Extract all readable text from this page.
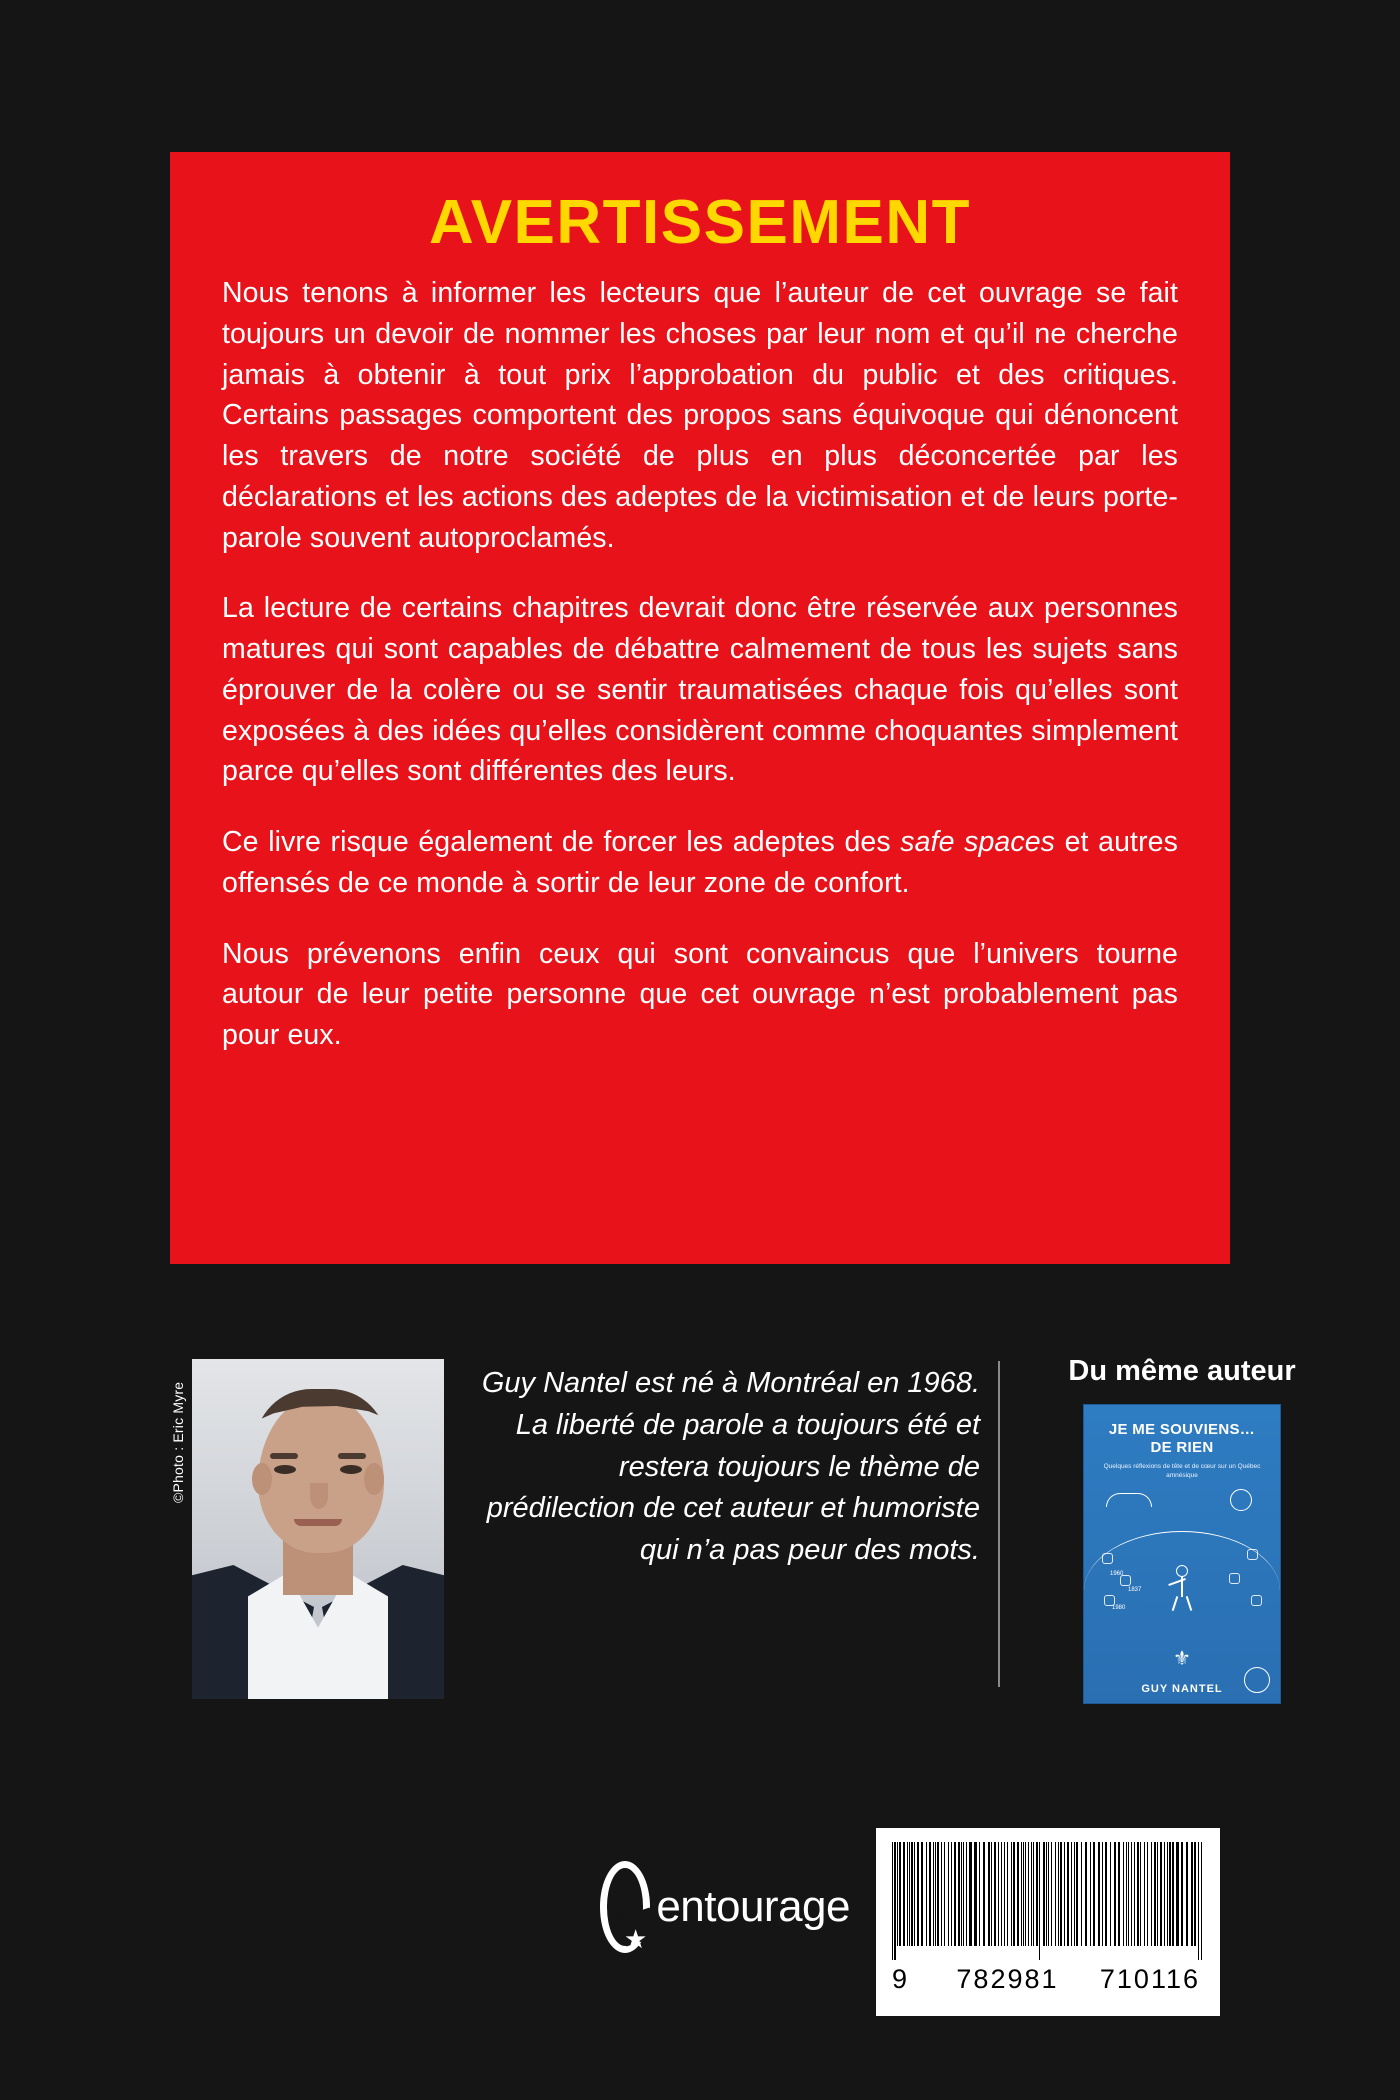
AVERTISSEMENT

Nous tenons à informer les lecteurs que l’auteur de cet ouvrage se fait toujours un devoir de nommer les choses par leur nom et qu’il ne cherche jamais à obtenir à tout prix l’approbation du public et des critiques. Certains passages comportent des propos sans équivoque qui dénoncent les travers de notre société de plus en plus déconcertée par les déclarations et les actions des adeptes de la victimisation et de leurs porte-parole souvent autoproclamés.

La lecture de certains chapitres devrait donc être réservée aux personnes matures qui sont capables de débattre calmement de tous les sujets sans éprouver de la colère ou se sentir traumatisées chaque fois qu’elles sont exposées à des idées qu’elles considèrent comme choquantes simplement parce qu’elles sont différentes des leurs.

Ce livre risque également de forcer les adeptes des safe spaces et autres offensés de ce monde à sortir de leur zone de confort.

Nous prévenons enfin ceux qui sont convaincus que l’univers tourne autour de leur petite personne que cet ouvrage n’est probablement pas pour eux.

©Photo : Eric Myre	Guy Nantel est né à Montréal en 1968. La liberté de parole a toujours été et restera toujours le thème de prédilection de cet auteur et humoriste qui n’a pas peur des mots.
Du même auteur
JE ME SOUVIENS…
DE RIEN
Quelques réflexions de tête et de cœur sur un Québec amnésique
1960
1837
1980
⚜
GUY NANTEL
★
entourage
9 782981 710116
